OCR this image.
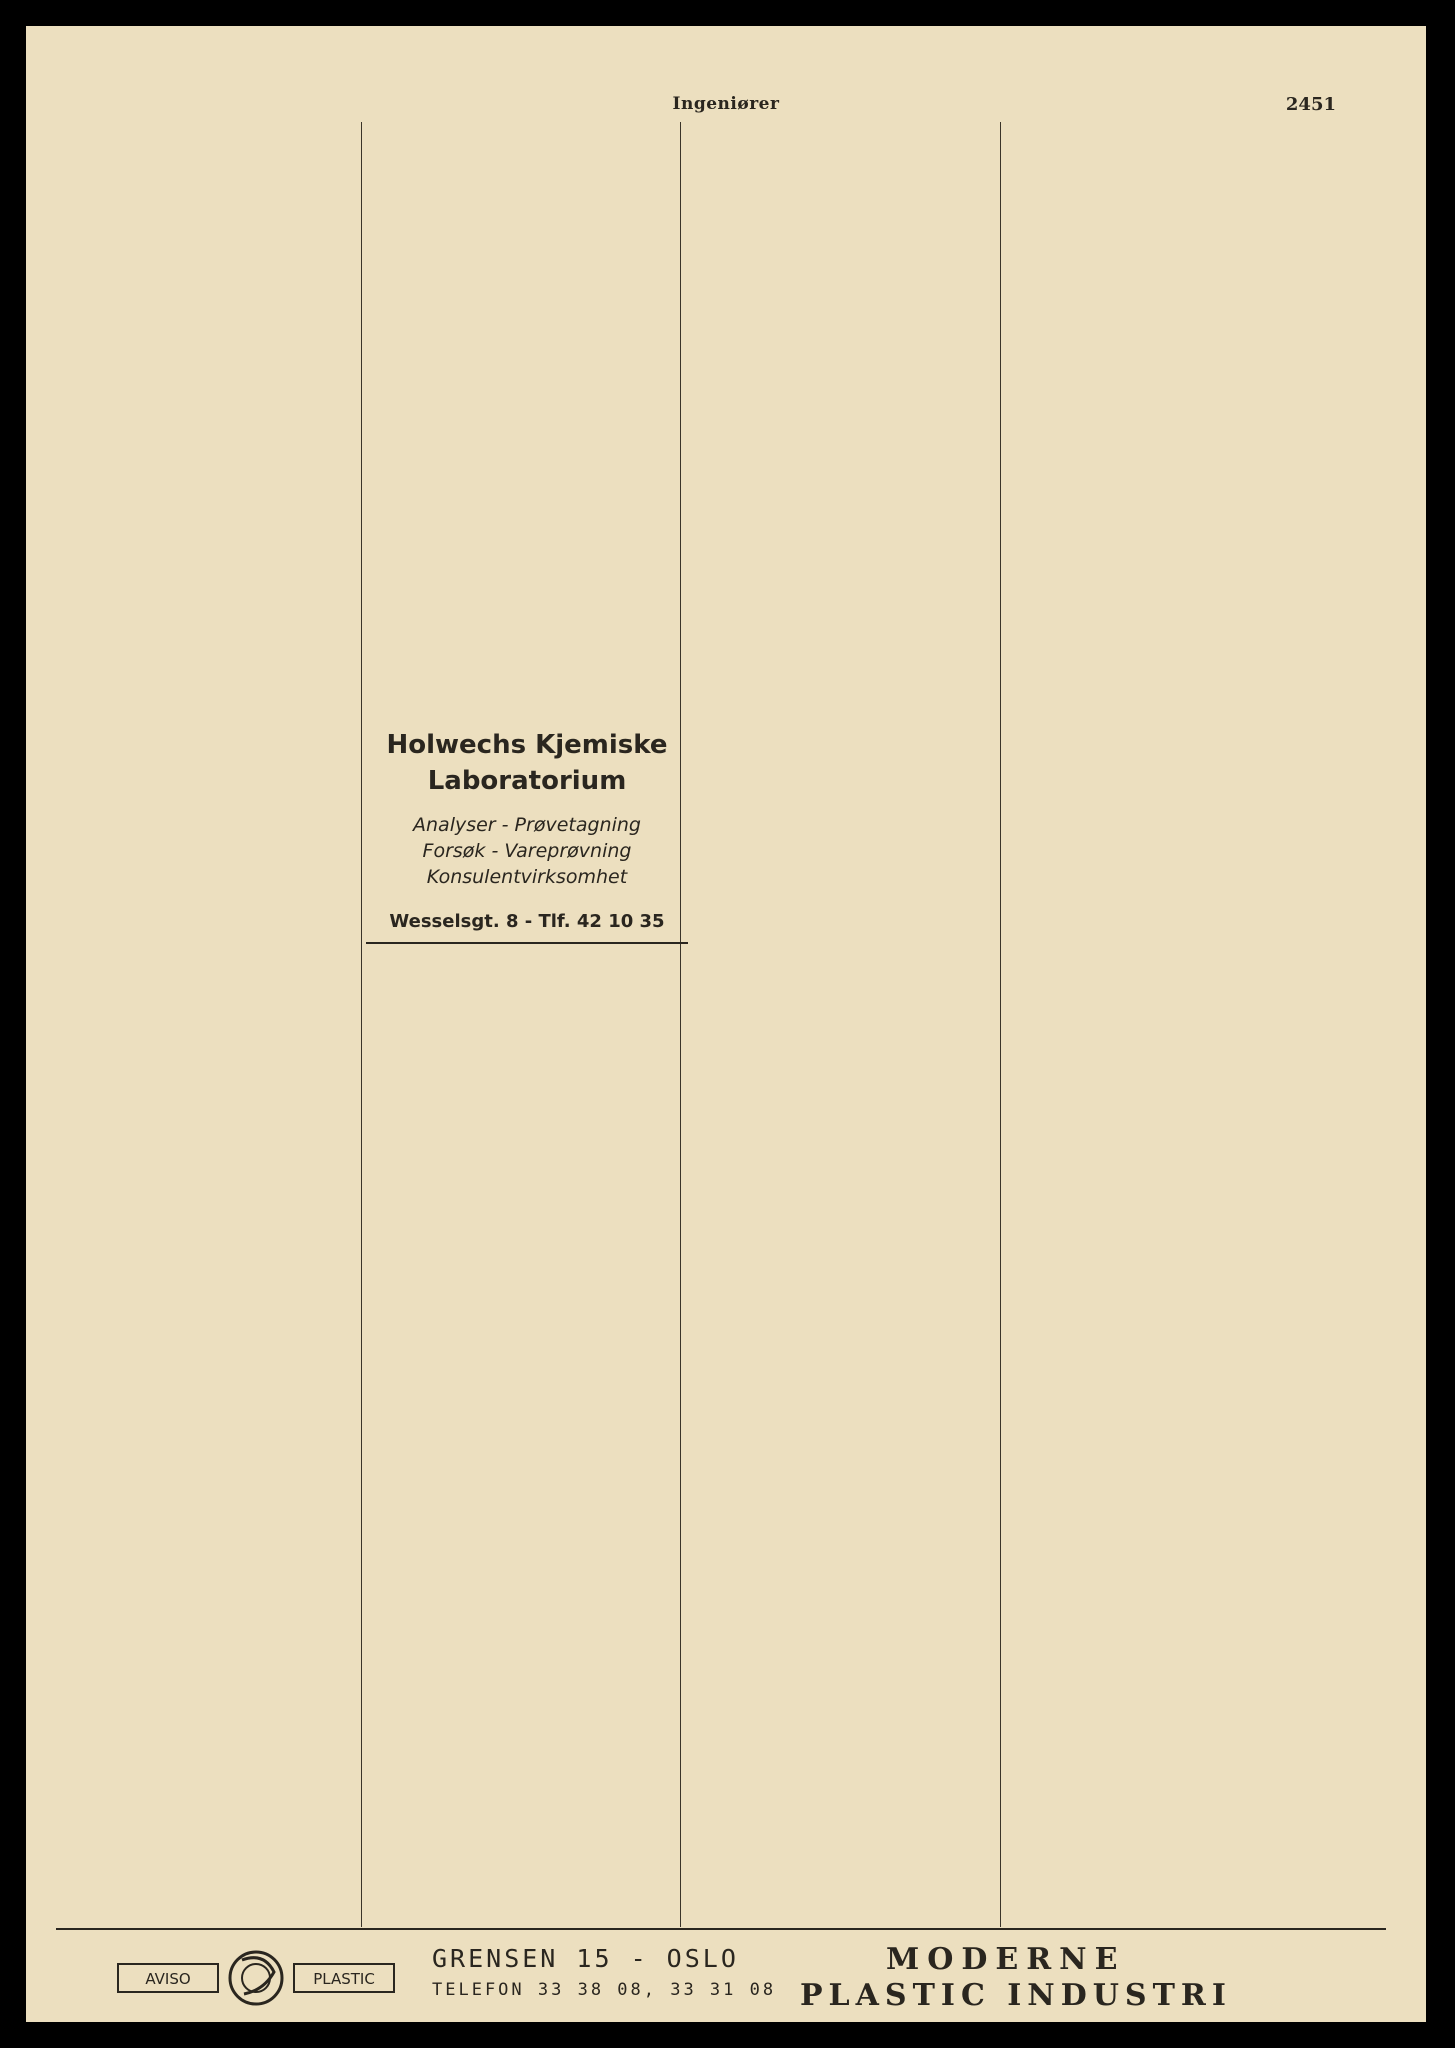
Ingeniører	2451
Holwechs Kjemiske
Laboratorium
Analyser - Prøvetagning
Forsøk - Vareprøvning
Konsulentvirksomhet
Wesselsgt. 8 - Tlf. 42 10 35
AVISO	PLASTIC
GRENSEN 15 - OSLO
TELEFON 33 38 08, 33 31 08
MODERNE
PLASTIC INDUSTRI
